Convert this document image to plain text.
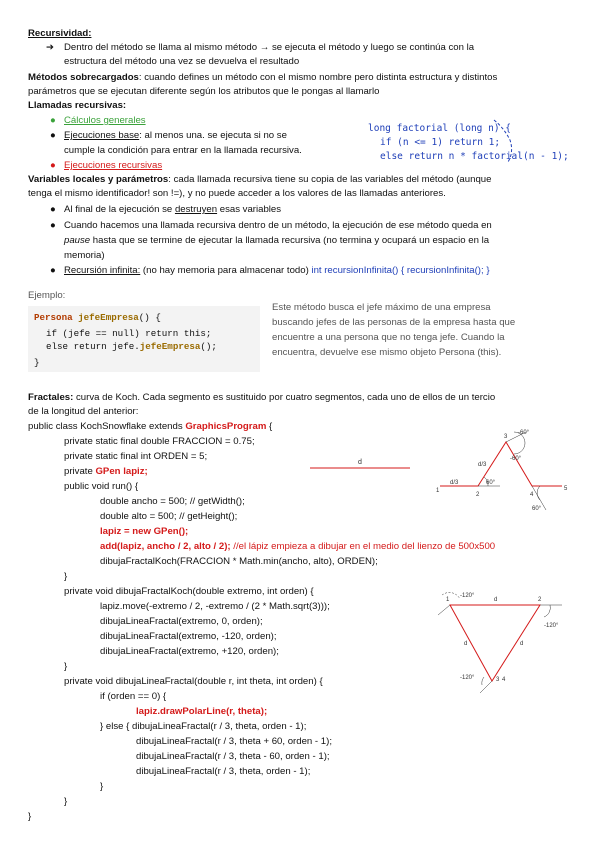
Recursividad:
➔ Dentro del método se llama al mismo método → se ejecuta el método y luego se continúa con la
estructura del método una vez se devuelva el resultado
Métodos sobrecargados: cuando defines un método con el mismo nombre pero distinta estructura y distintos
parámetros que se ejecutan diferente según los atributos que le pongas al llamarlo
Llamadas recursivas:
● Cálculos generales
● Ejecuciones base: al menos una. se ejecuta si no se
cumple la condición para entrar en la llamada recursiva.
● Ejecuciones recursivas
long factorial (long n) {
if (n <= 1) return 1;
else return n * factorial(n - 1);
Variables locales y parámetros: cada llamada recursiva tiene su copia de las variables del método (aunque
tenga el mismo identificador! son !=), y no puede acceder a los valores de las llamadas anteriores.
● Al final de la ejecución se destruyen esas variables
● Cuando hacemos una llamada recursiva dentro de un método, la ejecución de ese método queda en
pause hasta que se termine de ejecutar la llamada recursiva (no termina y ocupará un espacio en la
memoria)
● Recursión infinita: (no hay memoria para almacenar todo) int recursionInfinita() { recursionInfinita(); }
Ejemplo:
Persona jefeEmpresa() {
if (jefe == null) return this;
else return jefe.jefeEmpresa();
}
Este método busca el jefe máximo de una empresa
buscando jefes de las personas de la empresa hasta que
encuentre a una persona que no tenga jefe. Cuando la
encuentra, devuelve ese mismo objeto Persona (this).
Fractales: curva de Koch. Cada segmento es sustituido por cuatro segmentos, cada uno de ellos de un tercio
de la longitud del anterior:
public class KochSnowflake extends GraphicsProgram {
private static final double FRACCION = 0.75;
private static final int ORDEN = 5;
private GPen lapiz;
public void run() {
double ancho = 500; // getWidth();
double alto = 500; // getHeight();
lapiz = new GPen();
add(lapiz, ancho / 2, alto / 2); //el lápiz empieza a dibujar en el medio del lienzo de 500x500
dibujaFractalKoch(FRACCION * Math.min(ancho, alto), ORDEN);
}
private void dibujaFractalKoch(double extremo, int orden) {
lapiz.move(-extremo / 2, -extremo / (2 * Math.sqrt(3)));
dibujaLineaFractal(extremo, 0, orden);
dibujaLineaFractal(extremo, -120, orden);
dibujaLineaFractal(extremo, +120, orden);
}
private void dibujaLineaFractal(double r, int theta, int orden) {
if (orden == 0) {
lapiz.drawPolarLine(r, theta);
} else { dibujaLineaFractal(r / 3, theta, orden - 1);
dibujaLineaFractal(r / 3, theta + 60, orden - 1);
dibujaLineaFractal(r / 3, theta - 60, orden - 1);
dibujaLineaFractal(r / 3, theta, orden - 1);
}
}
}
d
d/3
d/3
60°
-60°
60°
-60°
1
2
3
4
5
-120°
-120°
-120°
d
d
d
1	2
3 4
